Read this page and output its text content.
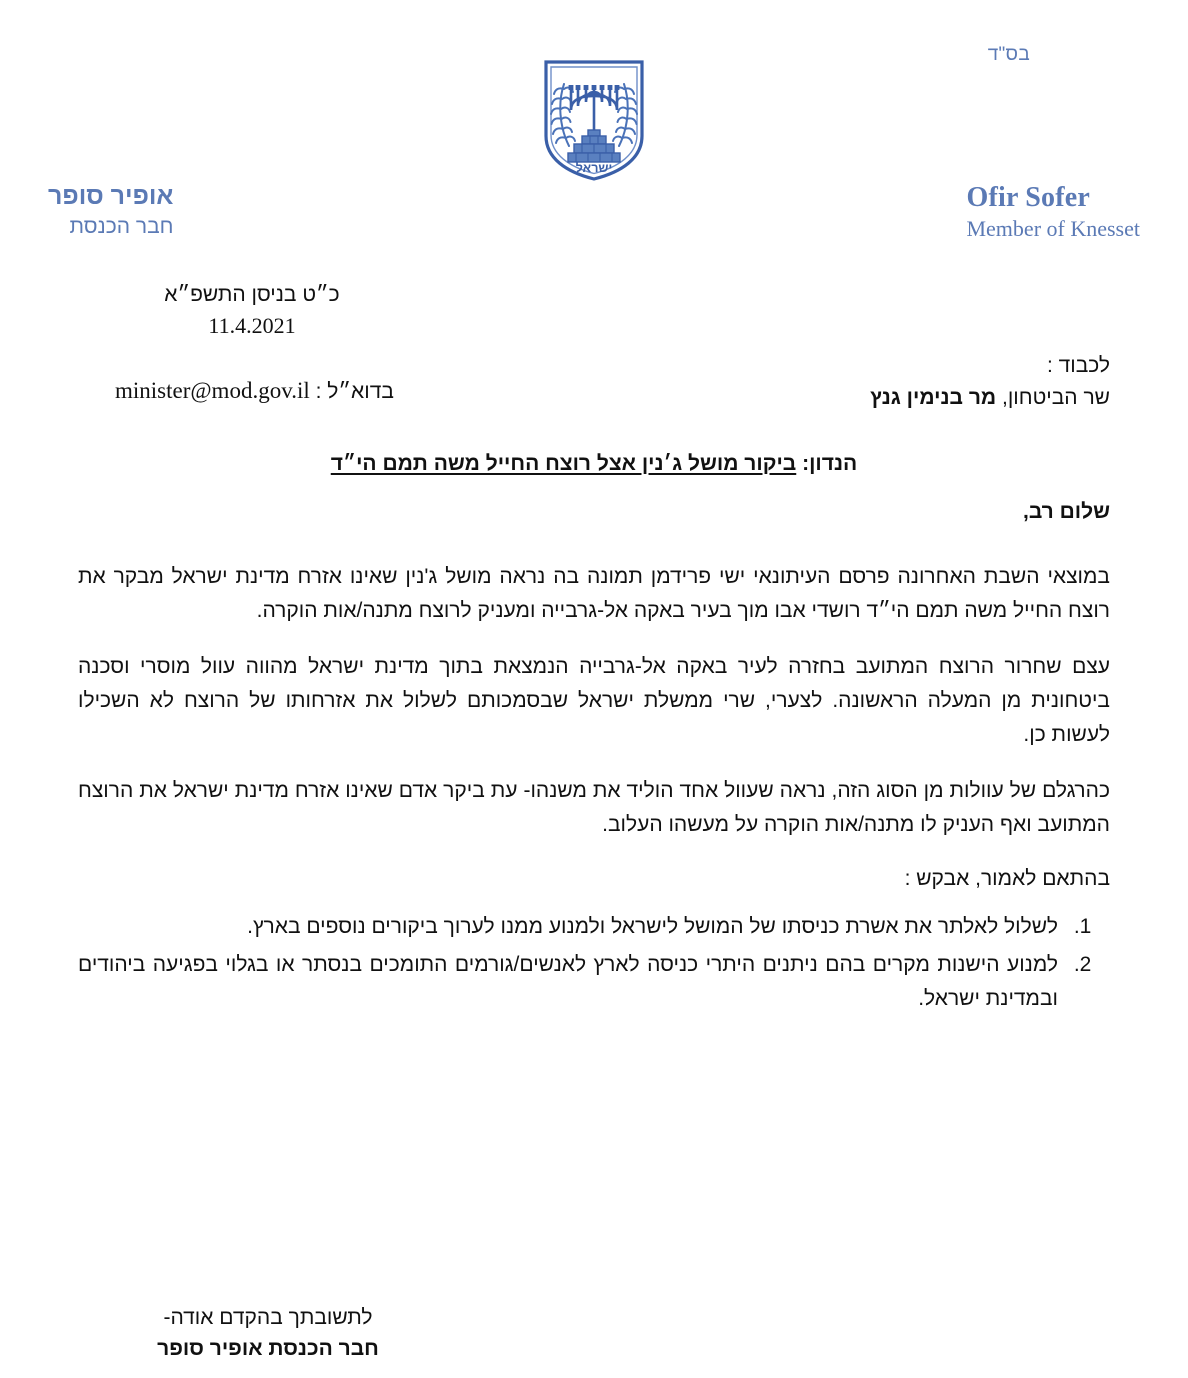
בס"ד
ישראל
Ofir Sofer
Member of Knesset
אופיר סופר
חבר הכנסת
כ״ט בניסן התשפ״א
11.4.2021
לכבוד :
שר הביטחון, מר בנימין גנץ
בדוא״ל : minister@mod.gov.il
הנדון: ביקור מושל ג׳נין אצל רוצח החייל משה תמם הי״ד
שלום רב,

במוצאי השבת האחרונה פרסם העיתונאי ישי פרידמן תמונה בה נראה מושל ג'נין שאינו אזרח מדינת ישראל מבקר את רוצח החייל משה תמם הי״ד רושדי אבו מוך בעיר באקה אל-גרבייה ומעניק לרוצח מתנה/אות הוקרה.

עצם שחרור הרוצח המתועב בחזרה לעיר באקה אל-גרבייה הנמצאת בתוך מדינת ישראל מהווה עוול מוסרי וסכנה ביטחונית מן המעלה הראשונה. לצערי, שרי ממשלת ישראל שבסמכותם לשלול את אזרחותו של הרוצח לא השכילו לעשות כן.

כהרגלם של עוולות מן הסוג הזה, נראה שעוול אחד הוליד את משנהו- עת ביקר אדם שאינו אזרח מדינת ישראל את הרוצח המתועב ואף העניק לו מתנה/אות הוקרה על מעשהו העלוב.

בהתאם לאמור, אבקש :

1. לשלול לאלתר את אשרת כניסתו של המושל לישראל ולמנוע ממנו לערוך ביקורים נוספים בארץ.
2. למנוע הישנות מקרים בהם ניתנים היתרי כניסה לארץ לאנשים/גורמים התומכים בנסתר או בגלוי בפגיעה ביהודים ובמדינת ישראל.
לתשובתך בהקדם אודה-
חבר הכנסת אופיר סופר
